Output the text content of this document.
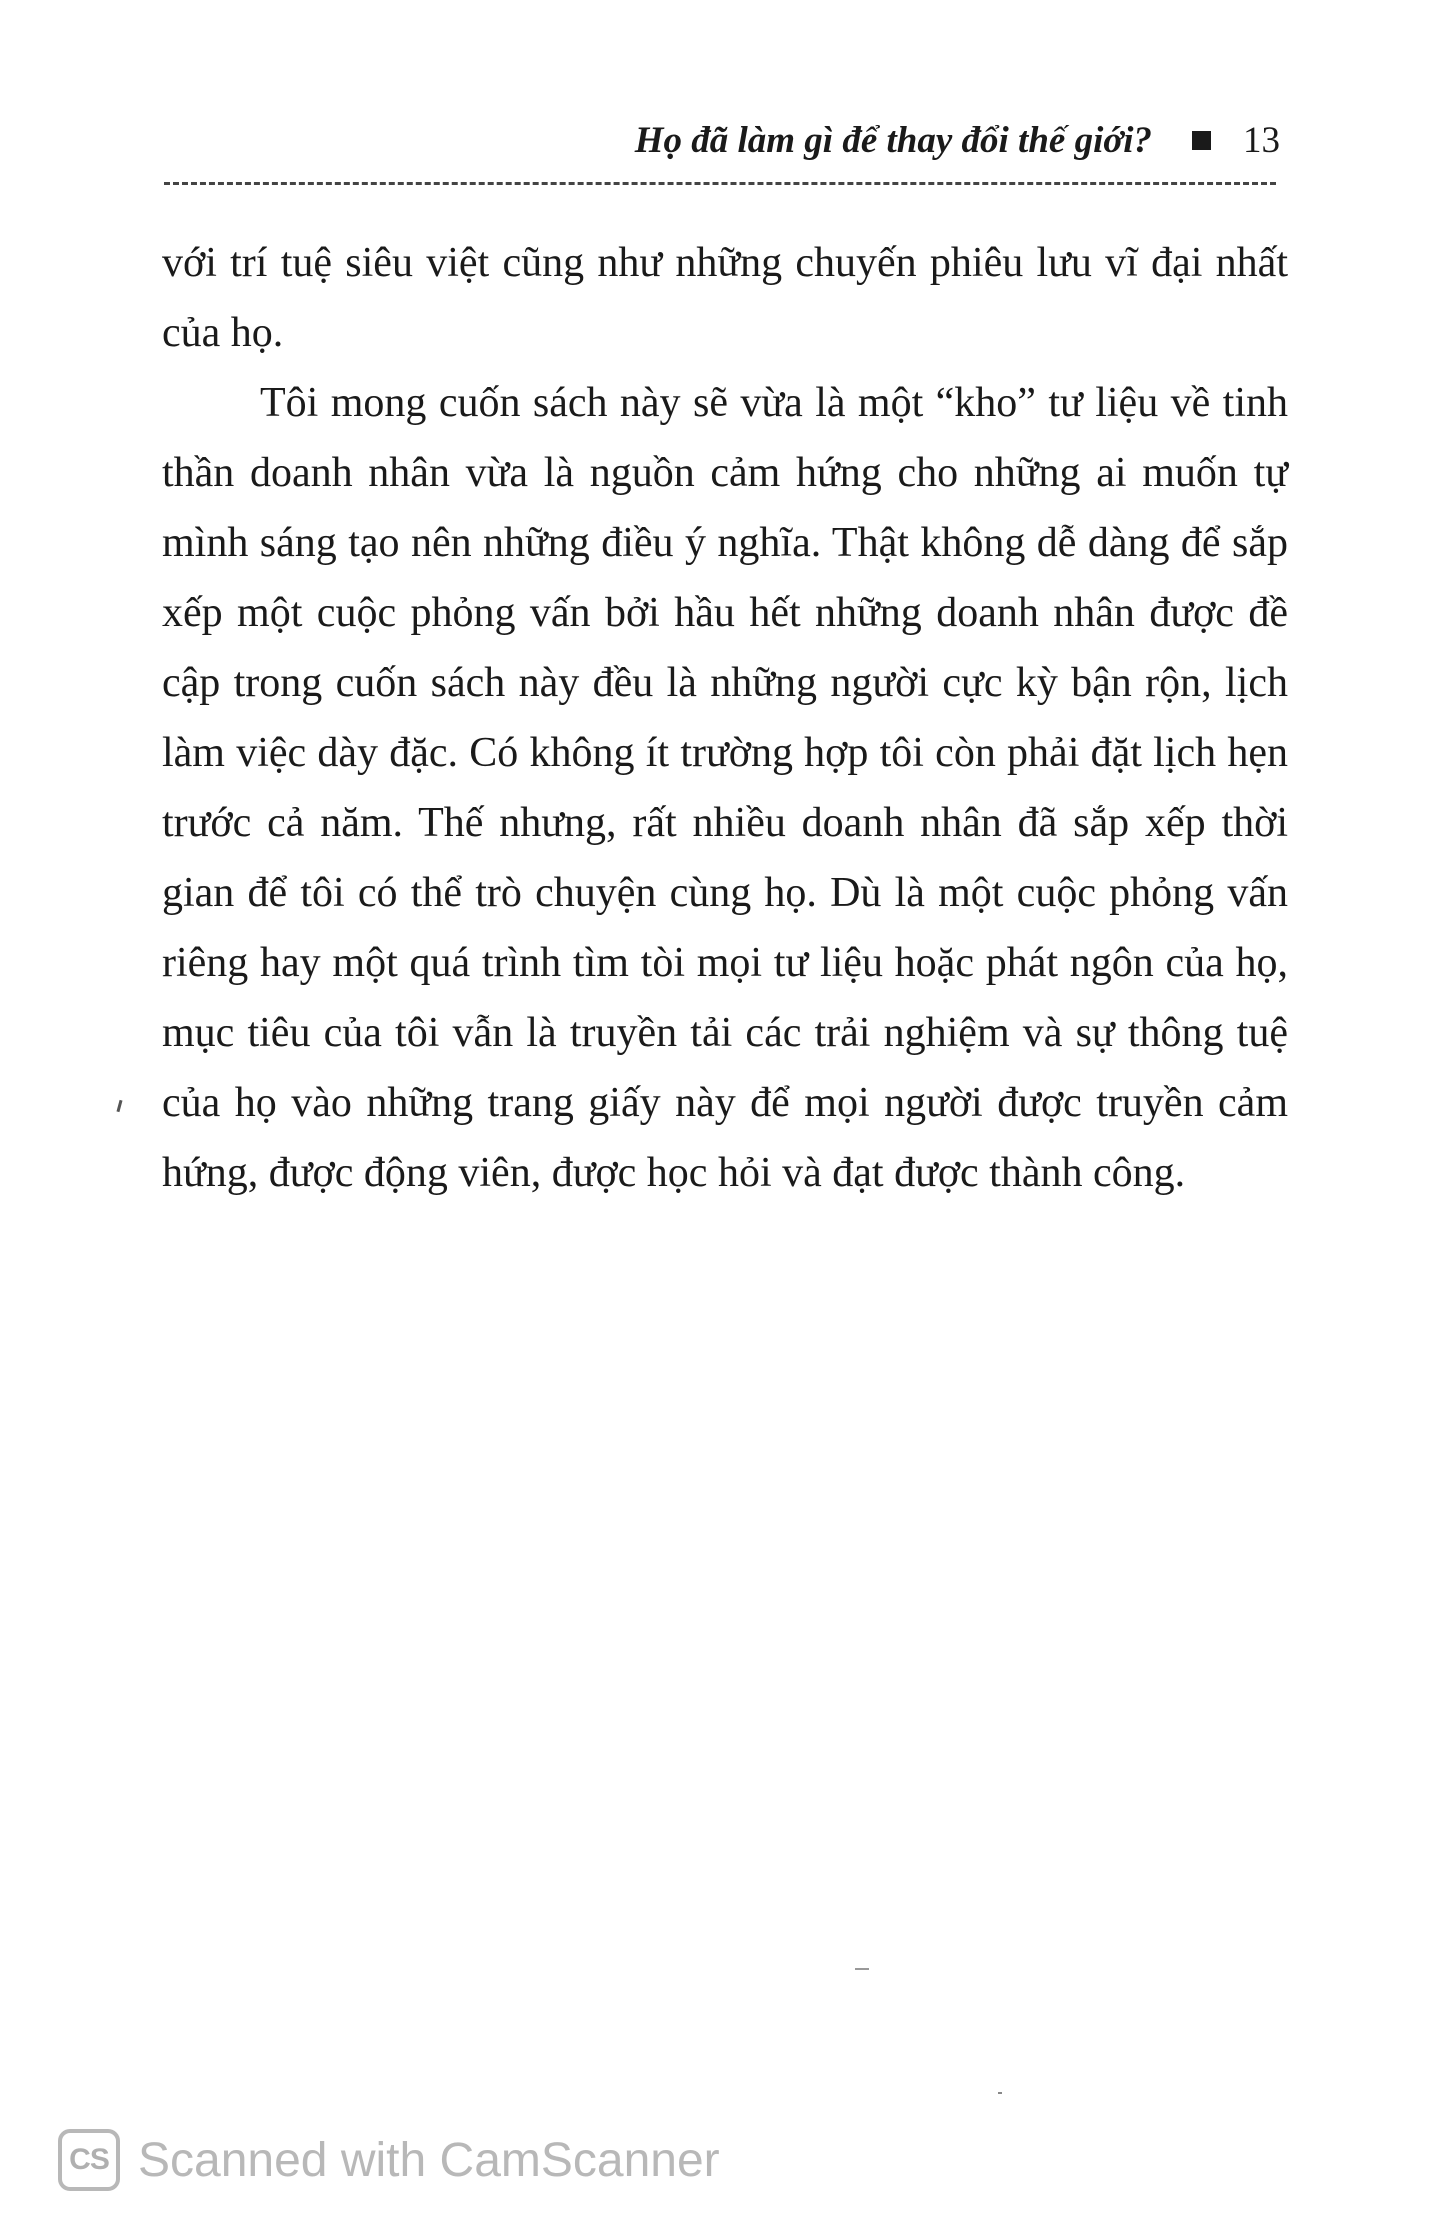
Họ đã làm gì để thay đổi thế giới? 13

với trí tuệ siêu việt cũng như những chuyến phiêu lưu vĩ đại nhất của họ.

Tôi mong cuốn sách này sẽ vừa là một “kho” tư liệu về tinh thần doanh nhân vừa là nguồn cảm hứng cho những ai muốn tự mình sáng tạo nên những điều ý nghĩa. Thật không dễ dàng để sắp xếp một cuộc phỏng vấn bởi hầu hết những doanh nhân được đề cập trong cuốn sách này đều là những người cực kỳ bận rộn, lịch làm việc dày đặc. Có không ít trường hợp tôi còn phải đặt lịch hẹn trước cả năm. Thế nhưng, rất nhiều doanh nhân đã sắp xếp thời gian để tôi có thể trò chuyện cùng họ. Dù là một cuộc phỏng vấn riêng hay một quá trình tìm tòi mọi tư liệu hoặc phát ngôn của họ, mục tiêu của tôi vẫn là truyền tải các trải nghiệm và sự thông tuệ của họ vào những trang giấy này để mọi người được truyền cảm hứng, được động viên, được học hỏi và đạt được thành công.

CS Scanned with CamScanner
